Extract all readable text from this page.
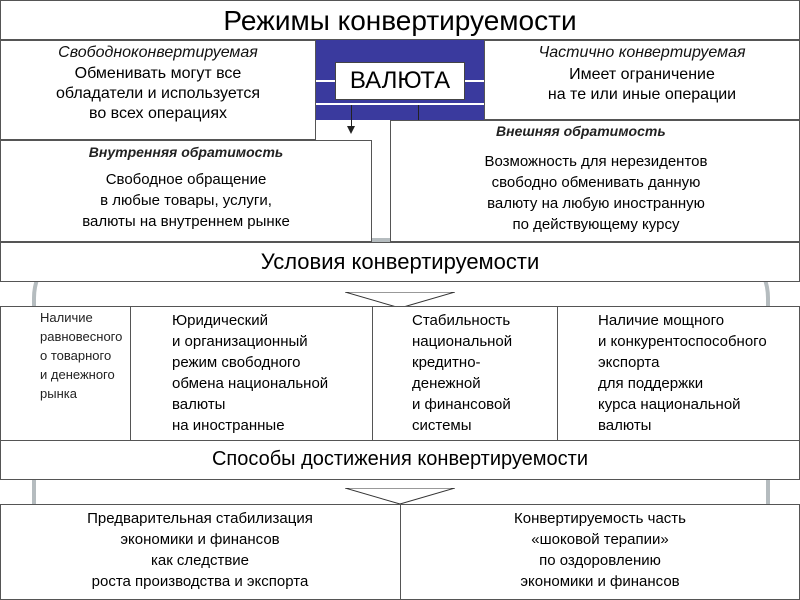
Режимы конвертируемости
ВАЛЮТА
Свободноконвертируемая
Обменивать могут все
обладатели и используется
во всех операциях
Частично конвертируемая
Имеет ограничение
на те или иные операции
Внешняя обратимость
Возможность для нерезидентов
свободно обменивать данную
валюту на любую иностранную
по действующему курсу
Внутренняя обратимость
Свободное обращение
в любые товары, услуги,
валюты на внутреннем рынке
Условия конвертируемости
Наличие
равновесного
о товарного
и денежного
рынка
Юридический
и организационный
режим свободного
обмена национальной
валюты
на иностранные
Стабильность
национальной
кредитно-
денежной
и финансовой
системы
Наличие мощного
и конкурентоспособного
экспорта
для поддержки
курса национальной
валюты
Способы достижения конвертируемости
Предварительная стабилизация
экономики и финансов
как следствие
роста производства и экспорта
Конвертируемость часть
«шоковой терапии»
по оздоровлению
экономики и финансов
